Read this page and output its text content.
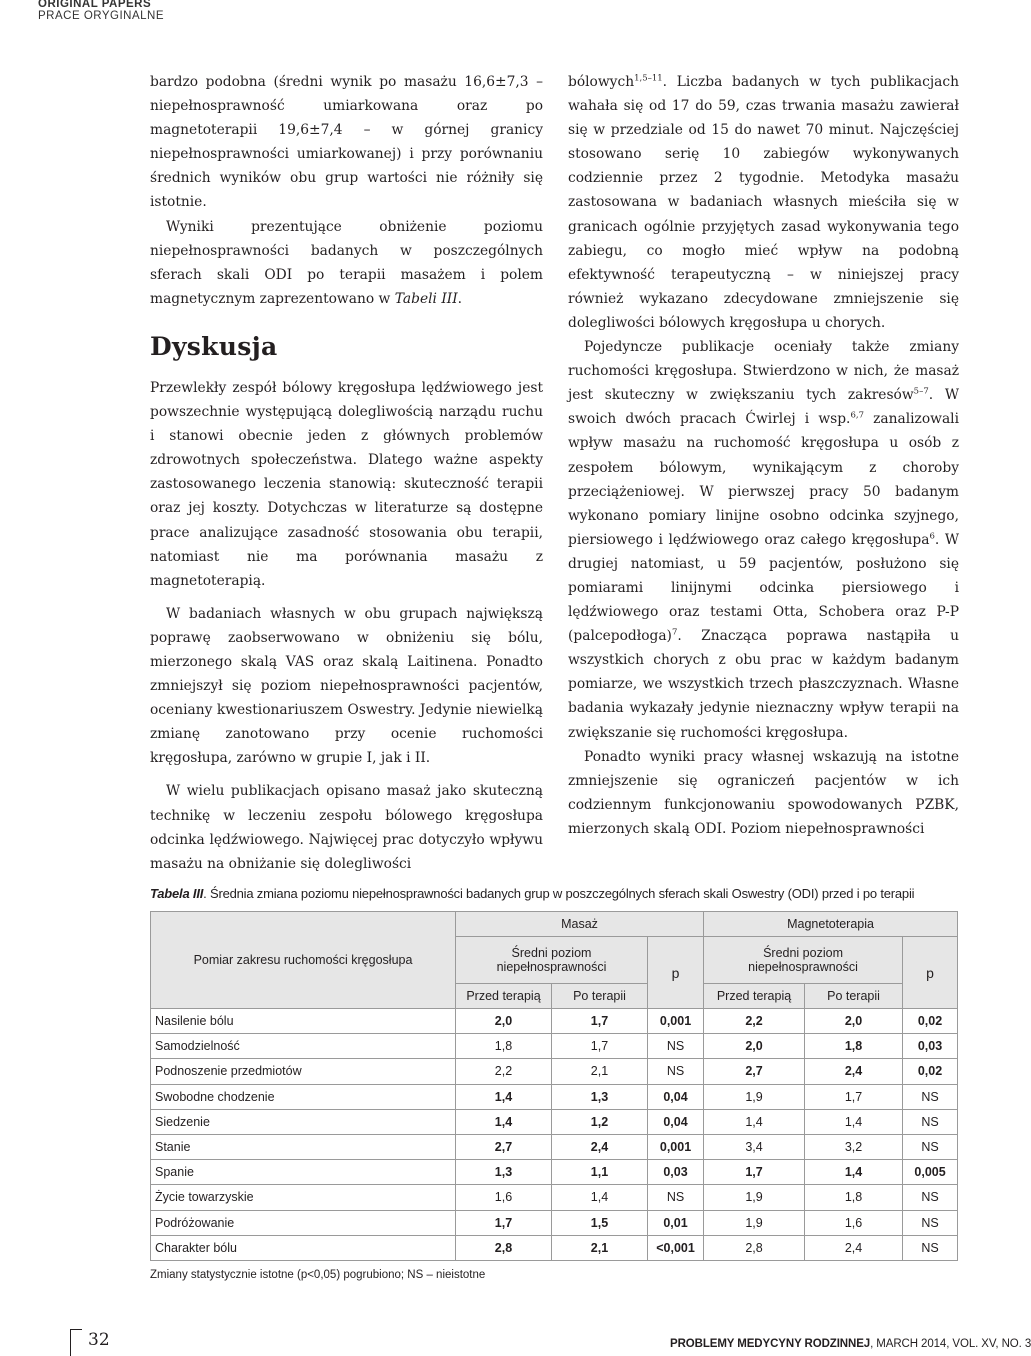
ORIGINAL PAPERS
PRACE ORYGINALNE

bardzo podobna (średni wynik po masażu 16,6±7,3 – niepełnosprawność umiarkowana oraz po magnetoterapii 19,6±7,4 – w górnej granicy niepełnosprawności umiarkowanej) i przy porównaniu średnich wyników obu grup wartości nie różniły się istotnie.

Wyniki prezentujące obniżenie poziomu niepełnosprawności badanych w poszczególnych sferach skali ODI po terapii masażem i polem magnetycznym zaprezentowano w Tabeli III.

Dyskusja

Przewlekły zespół bólowy kręgosłupa lędźwiowego jest powszechnie występującą dolegliwością narządu ruchu i stanowi obecnie jeden z głównych problemów zdrowotnych społeczeństwa. Dlatego ważne aspekty zastosowanego leczenia stanowią: skuteczność terapii oraz jej koszty. Dotychczas w literaturze są dostępne prace analizujące zasadność stosowania obu terapii, natomiast nie ma porównania masażu z magnetoterapią.

W badaniach własnych w obu grupach największą poprawę zaobserwowano w obniżeniu się bólu, mierzonego skalą VAS oraz skalą Laitinena. Ponadto zmniejszył się poziom niepełnosprawności pacjentów, oceniany kwestionariuszem Oswestry. Jedynie niewielką zmianę zanotowano przy ocenie ruchomości kręgosłupa, zarówno w grupie I, jak i II.

W wielu publikacjach opisano masaż jako skuteczną technikę w leczeniu zespołu bólowego kręgosłupa odcinka lędźwiowego. Najwięcej prac dotyczyło wpływu masażu na obniżanie się dolegliwości

bólowych$^{1,5-11}$. Liczba badanych w tych publikacjach wahała się od 17 do 59, czas trwania masażu zawierał się w przedziale od 15 do nawet 70 minut. Najczęściej stosowano serię 10 zabiegów wykonywanych codziennie przez 2 tygodnie. Metodyka masażu zastosowana w badaniach własnych mieściła się w granicach ogólnie przyjętych zasad wykonywania tego zabiegu, co mogło mieć wpływ na podobną efektywność terapeutyczną – w niniejszej pracy również wykazano zdecydowane zmniejszenie się dolegliwości bólowych kręgosłupa u chorych.

Pojedyncze publikacje oceniały także zmiany ruchomości kręgosłupa. Stwierdzono w nich, że masaż jest skuteczny w zwiększaniu tych zakresów$^{5-7}$. W swoich dwóch pracach Ćwirlej i wsp.$^{6,7}$ zanalizowali wpływ masażu na ruchomość kręgosłupa u osób z zespołem bólowym, wynikającym z choroby przeciążeniowej. W pierwszej pracy 50 badanym wykonano pomiary linijne osobno odcinka szyjnego, piersiowego i lędźwiowego oraz całego kręgosłupa$^6$. W drugiej natomiast, u 59 pacjentów, posłużono się pomiarami linijnymi odcinka piersiowego i lędźwiowego oraz testami Otta, Schobera oraz P-P (palcepodłoga)$^7$. Znacząca poprawa nastąpiła u wszystkich chorych z obu prac w każdym badanym pomiarze, we wszystkich trzech płaszczyznach. Własne badania wykazały jedynie nieznaczny wpływ terapii na zwiększanie się ruchomości kręgosłupa.

Ponadto wyniki pracy własnej wskazują na istotne zmniejszenie się ograniczeń pacjentów w ich codziennym funkcjonowaniu spowodowanych PZBK, mierzonych skalą ODI. Poziom niepełnosprawności

Tabela III. Średnia zmiana poziomu niepełnosprawności badanych grup w poszczególnych sferach skali Oswestry (ODI) przed i po terapii
Pomiar zakresu ruchomości kręgosłupa	Masaż			Magnetoterapia		
	Średni poziom niepełnosprawności		p	Średni poziom niepełnosprawności		p
	Przed terapią	Po terapii		Przed terapią	Po terapii	
Nasilenie bólu	2,0	1,7	0,001	2,2	2,0	0,02
Samodzielność	1,8	1,7	NS	2,0	1,8	0,03
Podnoszenie przedmiotów	2,2	2,1	NS	2,7	2,4	0,02
Swobodne chodzenie	1,4	1,3	0,04	1,9	1,7	NS
Siedzenie	1,4	1,2	0,04	1,4	1,4	NS
Stanie	2,7	2,4	0,001	3,4	3,2	NS
Spanie	1,3	1,1	0,03	1,7	1,4	0,005
Życie towarzyskie	1,6	1,4	NS	1,9	1,8	NS
Podróżowanie	1,7	1,5	0,01	1,9	1,6	NS
Charakter bólu	2,8	2,1	<0,001	2,8	2,4	NS
Zmiany statystycznie istotne (p<0,05) pogrubiono; NS – nieistotne
32	PROBLEMY MEDYCYNY RODZINNEJ, MARCH 2014, VOL. XV, NO. 3
